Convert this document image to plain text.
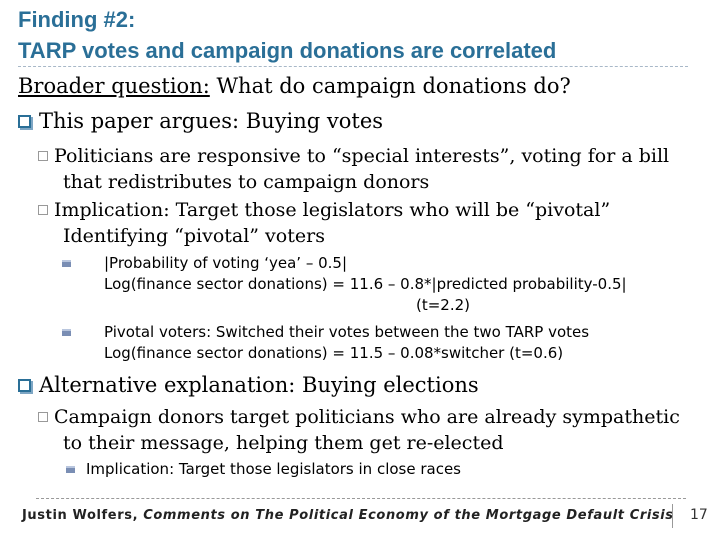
Finding #2:
TARP votes and campaign donations are correlated
Broader question: What do campaign donations do?
This paper argues: Buying votes
Politicians are responsive to “special interests”, voting for a bill
that redistributes to campaign donors
Implication: Target those legislators who will be “pivotal”
Identifying “pivotal” voters
|Probability of voting ‘yea’ – 0.5|
Log(finance sector donations) = 11.6 – 0.8*|predicted probability-0.5|
(t=2.2)
Pivotal voters: Switched their votes between the two TARP votes
Log(finance sector donations) = 11.5 – 0.08*switcher (t=0.6)
Alternative explanation: Buying elections
Campaign donors target politicians who are already sympathetic
to their message, helping them get re-elected
Implication: Target those legislators in close races
Justin Wolfers, Comments on The Political Economy of the Mortgage Default Crisis 17
